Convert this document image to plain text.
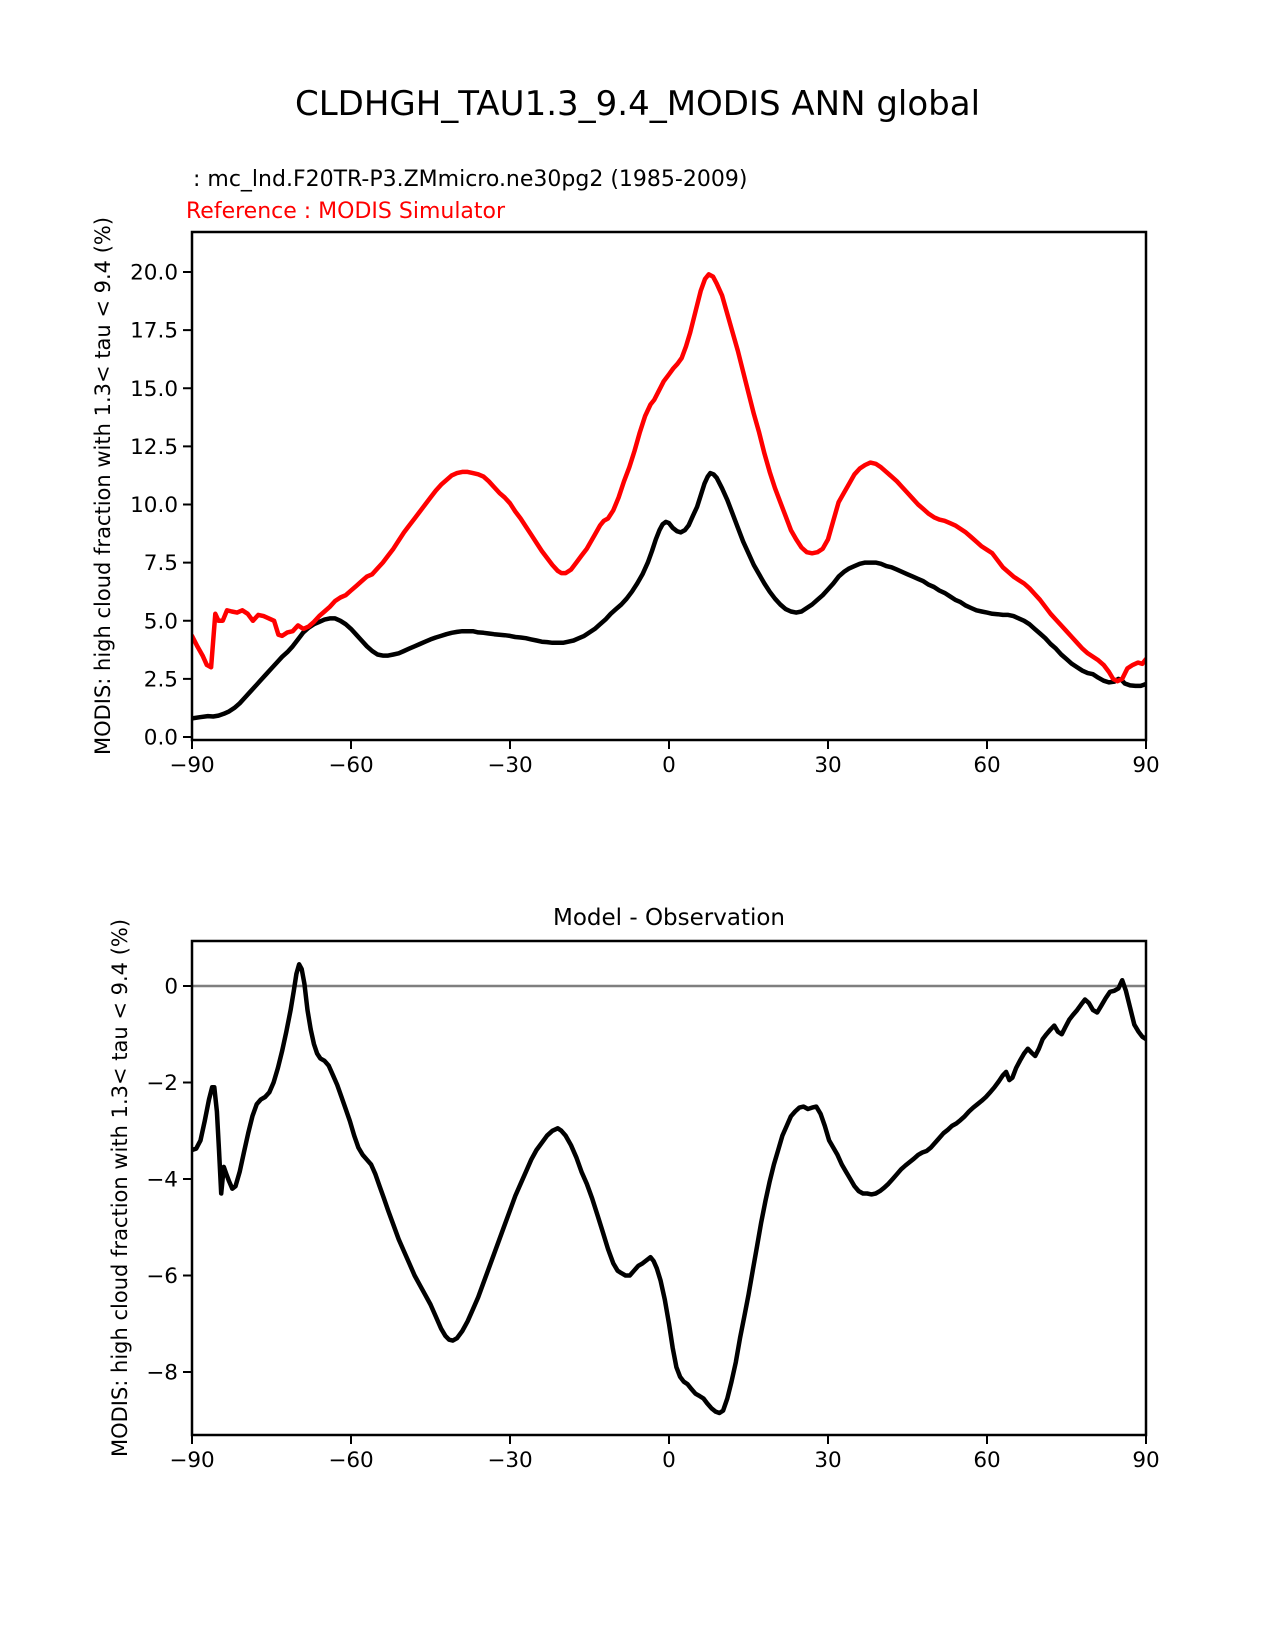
20.0
17.5
15.0
12.5
10.0
7.5
5.0
2.5
0.0
−90	−60	−30	0	30	60	90
0
−2
−4
−6
−8
−90	−60	−30	0	30	60	90
CLDHGH_TAU1.3_9.4_MODIS ANN global
: mc_lnd.F20TR-P3.ZMmicro.ne30pg2 (1985-2009)
Reference : MODIS Simulator
MODIS: high cloud fraction with 1.3< tau < 9.4 (%)
Model - Observation
MODIS: high cloud fraction with 1.3< tau < 9.4 (%)
